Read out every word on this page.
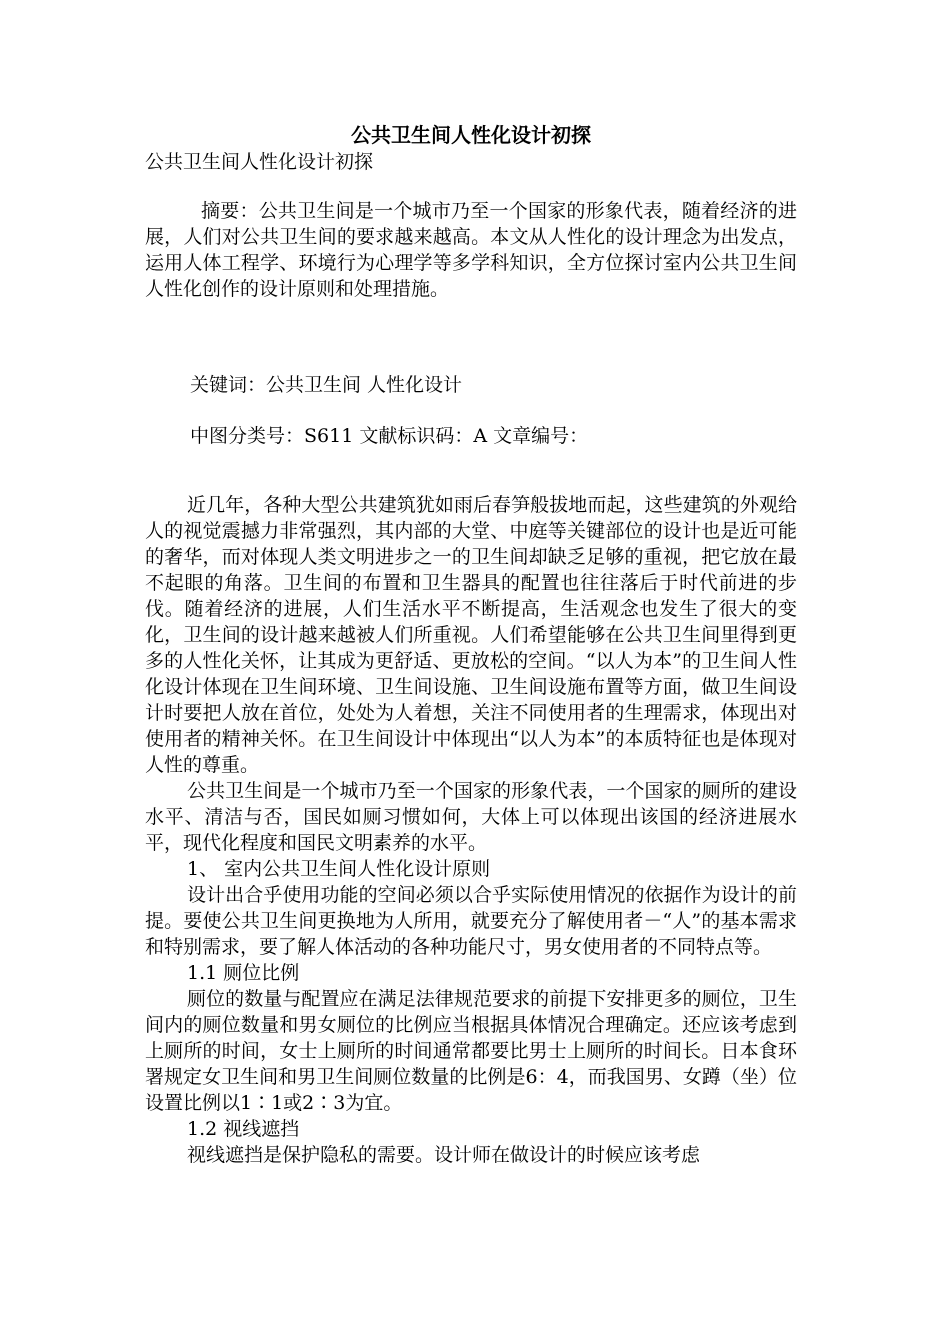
公共卫生间人性化设计初探
公共卫生间人性化设计初探

摘要：公共卫生间是一个城市乃至一个国家的形象代表，随着经济的进展，人们对公共卫生间的要求越来越高。本文从人性化的设计理念为出发点，运用人体工程学、环境行为心理学等多学科知识，全方位探讨室内公共卫生间人性化创作的设计原则和处理措施。

关键词：公共卫生间 人性化设计
中图分类号：S611 文献标识码：A 文章编号：

近几年，各种大型公共建筑犹如雨后春笋般拔地而起，这些建筑的外观给人的视觉震撼力非常强烈，其内部的大堂、中庭等关键部位的设计也是近可能的奢华，而对体现人类文明进步之一的卫生间却缺乏足够的重视，把它放在最不起眼的角落。卫生间的布置和卫生器具的配置也往往落后于时代前进的步伐。随着经济的进展，人们生活水平不断提高，生活观念也发生了很大的变化，卫生间的设计越来越被人们所重视。人们希望能够在公共卫生间里得到更多的人性化关怀，让其成为更舒适、更放松的空间。“以人为本”的卫生间人性化设计体现在卫生间环境、卫生间设施、卫生间设施布置等方面，做卫生间设计时要把人放在首位，处处为人着想，关注不同使用者的生理需求，体现出对使用者的精神关怀。在卫生间设计中体现出“以人为本”的本质特征也是体现对人性的尊重。

公共卫生间是一个城市乃至一个国家的形象代表，一个国家的厕所的建设水平、清洁与否，国民如厕习惯如何，大体上可以体现出该国的经济进展水平，现代化程度和国民文明素养的水平。

1、 室内公共卫生间人性化设计原则

设计出合乎使用功能的空间必须以合乎实际使用情况的依据作为设计的前提。要使公共卫生间更换地为人所用，就要充分了解使用者－“人”的基本需求和特别需求，要了解人体活动的各种功能尺寸，男女使用者的不同特点等。

1.1 厕位比例

厕位的数量与配置应在满足法律规范要求的前提下安排更多的厕位，卫生间内的厕位数量和男女厕位的比例应当根据具体情况合理确定。还应该考虑到上厕所的时间，女士上厕所的时间通常都要比男士上厕所的时间长。日本食环署规定女卫生间和男卫生间厕位数量的比例是6：4，而我国男、女蹲（坐）位设置比例以1∶1或2∶3为宜。

1.2 视线遮挡

视线遮挡是保护隐私的需要。设计师在做设计的时候应该考虑
